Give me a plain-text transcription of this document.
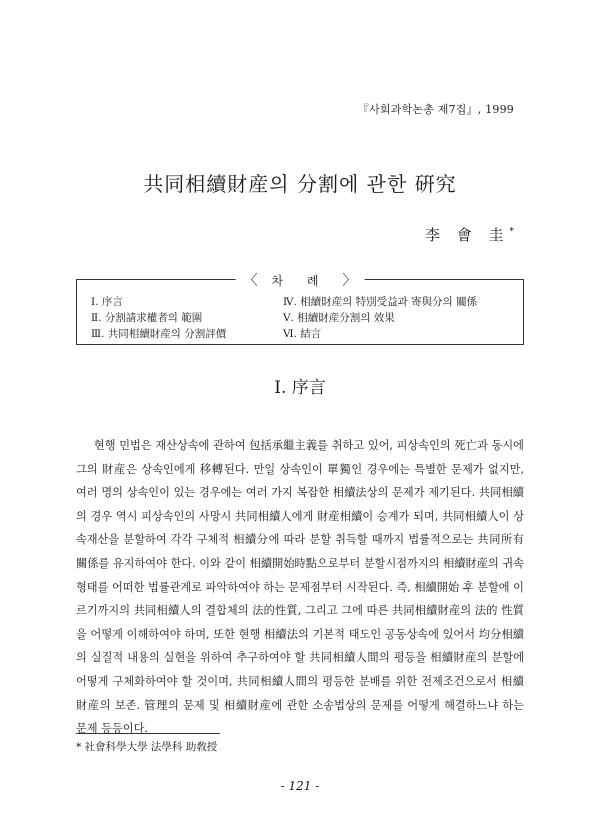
『사회과학논총 제7집』, 1999
共同相續財産의 分割에 관한 硏究
李 會 圭*
〈 차 례 〉
Ⅰ. 序言
Ⅱ. 分割請求權者의 範圍
Ⅲ. 共同相續財産의 分割評價
Ⅳ. 相續財産의 特別受益과 寄與分의 關係
Ⅴ. 相續財産分割의 效果
Ⅵ. 結言
Ⅰ. 序言

현행 민법은 재산상속에 관하여 包括承繼主義를 취하고 있어, 피상속인의 死亡과 동시에 그의 財産은 상속인에게 移轉된다. 만일 상속인이 單獨인 경우에는 특별한 문제가 없지만, 여러 명의 상속인이 있는 경우에는 여러 가지 복잡한 相續法상의 문제가 제기된다. 共同相續의 경우 역시 피상속인의 사망시 共同相續人에게 財産相續이 승계가 되며, 共同相續人이 상속재산을 분할하여 각각 구체적 相續分에 따라 분할 취득할 때까지 법률적으로는 共同所有關係를 유지하여야 한다. 이와 같이 相續開始時點으로부터 분할시점까지의 相續財産의 귀속형태를 어떠한 법률관계로 파악하여야 하는 문제점부터 시작된다. 즉, 相續開始 후 분할에 이르기까지의 共同相續人의 결합체의 法的性質, 그리고 그에 따른 共同相續財産의 法的 性質을 어떻게 이해하여야 하며, 또한 현행 相續法의 기본적 태도인 공동상속에 있어서 均分相續의 실질적 내용의 실현을 위하여 추구하여야 할 共同相續人間의 평등을 相續財産의 분할에 어떻게 구체화하여야 할 것이며, 共同相續人間의 평등한 분배를 위한 전제조건으로서 相續財産의 보존. 管理의 문제 및 相續財産에 관한 소송법상의 문제를 어떻게 해결하느냐 하는 문제 등등이다.

* 社會科學大學 法學科 助敎授
- 121 -
